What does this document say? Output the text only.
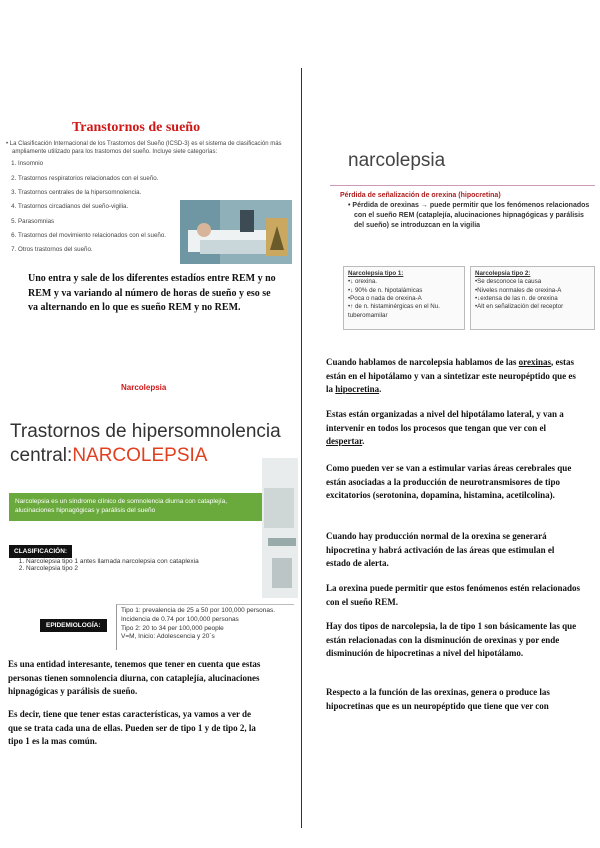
Transtornos de sueño
• La Clasificación Internacional de los Trastornos del Sueño (ICSD-3) es el sistema de clasificación más ampliamente utilizado para los trastornos del sueño. Incluye siete categorías:
1. Insomnio
2. Trastornos respiratorios relacionados con el sueño.
3. Trastornos centrales de la hipersomnolencia.
4. Trastornos circadianos del sueño-vigilia.
5. Parasomnias
6. Trastornos del movimiento relacionados con el sueño.
7. Otros trastornos del sueño.
Uno entra y sale de los diferentes estadíos entre REM y no REM y va variando al número de horas de sueño y eso se va alternando en lo que es sueño REM y no REM.
Narcolepsia
Trastornos de hipersomnolencia
central:NARCOLEPSIA
Narcolepsia es un síndrome clínico de somnolencia diurna con cataplejía, alucinaciones hipnagógicas y parálisis del sueño
CLASIFICACIÓN:
1. Narcolepsia tipo 1 antes llamada narcolepsia con cataplexia
2. Narcolepsia tipo 2
EPIDEMIOLOGÍA:
Tipo 1: prevalencia de 25 a 50 por 100,000 personas.
Incidencia de 0.74 por 100,000 personas
Tipo 2: 20 to 34 per 100,000 people
V=M, Inicio: Adolescencia y 20´s
Es una entidad interesante, tenemos que tener en cuenta que estas personas tienen somnolencia diurna, con cataplejía, alucinaciones hipnagógicas y parálisis de sueño.
Es decir, tiene que tener estas características, ya vamos a ver de que se trata cada una de ellas. Pueden ser de tipo 1 y de tipo 2, la tipo 1 es la mas común.
narcolepsia
Pérdida de señalización de orexina (hipocretina)
• Pérdida de orexinas → puede permitir que los fenómenos relacionados con el sueño REM (cataplejía, alucinaciones hipnagógicas y parálisis del sueño) se introduzcan en la vigilia
Narcolepsia tipo 1:
•↓ orexina.
•↓ 90% de n. hipotalámicas
•Poca o nada de orexina-A
•↑ de n. histaminérgicas en el Nu. tuberomamilar
Narcolepsia tipo 2:
•Se desconoce la causa
•Niveles normales de orexina-A
•↓extensa de las n. de orexina
•Alt en señalización del receptor
Cuando hablamos de narcolepsia hablamos de las orexinas, estas están en el hipotálamo y van a sintetizar este neuropéptido que es la hipocretina.
Estas están organizadas a nivel del hipotálamo lateral, y van a intervenir en todos los procesos que tengan que ver con el despertar.
Como pueden ver se van a estimular varias áreas cerebrales que están asociadas a la producción de neurotransmisores de tipo excitatorios (serotonina, dopamina, histamina, acetilcolina).
Cuando hay producción normal de la orexina se generará hipocretina y habrá activación de las áreas que estimulan el estado de alerta.
La orexina puede permitir que estos fenómenos estén relacionados con el sueño REM.
Hay dos tipos de narcolepsia, la de tipo 1 son básicamente las que están relacionadas con la disminución de orexinas y por ende disminución de hipocretinas a nivel del hipotálamo.
Respecto a la función de las orexinas, genera o produce las hipocretinas que es un neuropéptido que tiene que ver con
